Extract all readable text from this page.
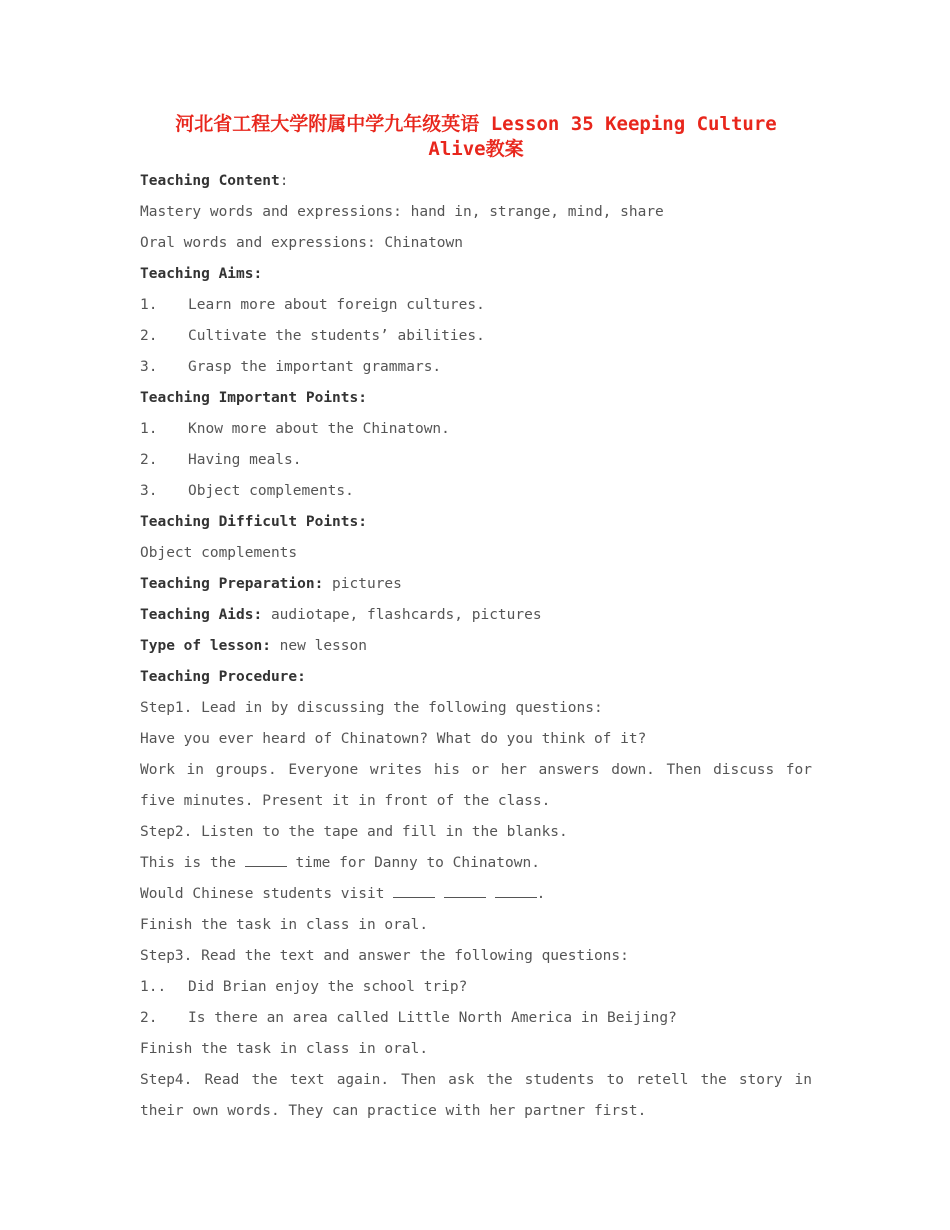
河北省工程大学附属中学九年级英语 Lesson 35 Keeping Culture
Alive教案
Teaching Content:
Mastery words and expressions: hand in, strange, mind, share
Oral words and expressions: Chinatown
Teaching Aims:
1. Learn more about foreign cultures.
2. Cultivate the students’ abilities.
3. Grasp the important grammars.
Teaching Important Points:
1. Know more about the Chinatown.
2. Having meals.
3. Object complements.
Teaching Difficult Points:
Object complements
Teaching Preparation: pictures
Teaching Aids: audiotape, flashcards, pictures
Type of lesson: new lesson
Teaching Procedure:
Step1. Lead in by discussing the following questions:
Have you ever heard of Chinatown? What do you think of it?
Work in groups. Everyone writes his or her answers down. Then discuss for five minutes. Present it in front of the class.
Step2. Listen to the tape and fill in the blanks.
This is the	time for Danny to Chinatown.
Would Chinese students visit	.
Finish the task in class in oral.
Step3. Read the text and answer the following questions:
1.. Did Brian enjoy the school trip?
2. Is there an area called Little North America in Beijing?
Finish the task in class in oral.
Step4. Read the text again. Then ask the students to retell the story in their own words. They can practice with her partner first.
